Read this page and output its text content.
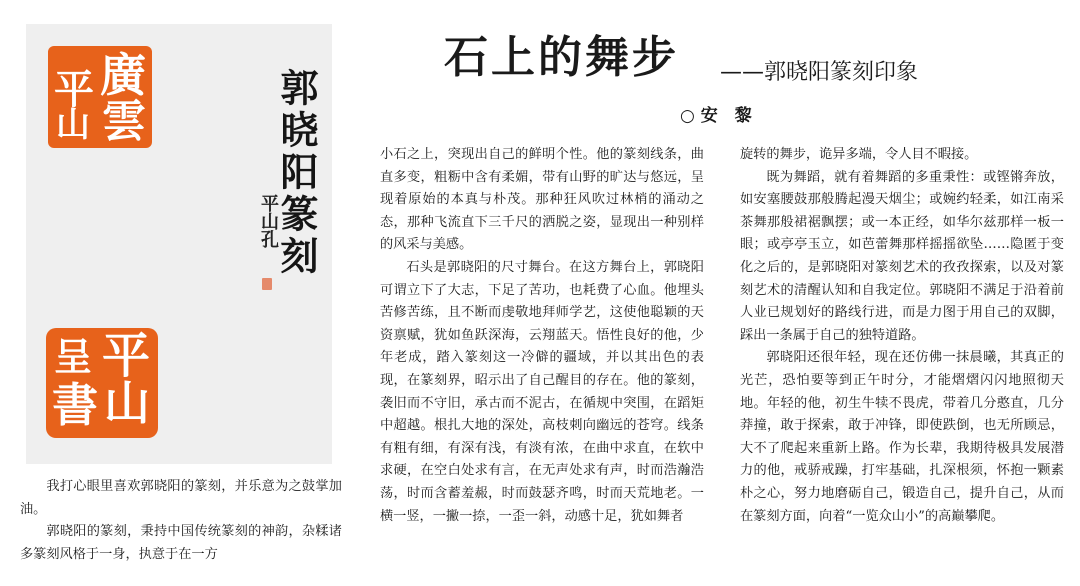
平
山
廣
雲	郭晓阳篆刻
平山孔
平
山
書
呈
石上的舞步 ——郭晓阳篆刻印象
○ 安　黎

我打心眼里喜欢郭晓阳的篆刻，并乐意为之鼓掌加油。

郭晓阳的篆刻，秉持中国传统篆刻的神韵，杂糅诸多篆刻风格于一身，执意于在一方

小石之上，突现出自己的鲜明个性。他的篆刻线条，曲直多变，粗粝中含有柔媚，带有山野的旷达与悠远，呈现着原始的本真与朴茂。那种狂风吹过林梢的涌动之态，那种飞流直下三千尺的洒脱之姿，显现出一种别样的风采与美感。

石头是郭晓阳的尺寸舞台。在这方舞台上，郭晓阳可谓立下了大志，下足了苦功，也耗费了心血。他埋头苦修苦练，且不断而虔敬地拜师学艺，这使他聪颖的天资禀赋，犹如鱼跃深海，云翔蓝天。悟性良好的他，少年老成，踏入篆刻这一冷僻的疆域，并以其出色的表现，在篆刻界，昭示出了自己醒目的存在。他的篆刻，袭旧而不守旧，承古而不泥古，在循规中突围，在蹈矩中超越。根扎大地的深处，高枝刺向幽远的苍穹。线条有粗有细，有深有浅，有淡有浓，在曲中求直，在软中求硬，在空白处求有言，在无声处求有声，时而浩瀚浩荡，时而含蓄羞赧，时而鼓瑟齐鸣，时而天荒地老。一横一竖，一撇一捺，一歪一斜，动感十足，犹如舞者

旋转的舞步，诡异多端，令人目不暇接。

既为舞蹈，就有着舞蹈的多重秉性：或铿锵奔放，如安塞腰鼓那般腾起漫天烟尘；或婉约轻柔，如江南采茶舞那般裙裾飘摆；或一本正经，如华尔兹那样一板一眼；或亭亭玉立，如芭蕾舞那样摇摇欲坠……隐匿于变化之后的，是郭晓阳对篆刻艺术的孜孜探索，以及对篆刻艺术的清醒认知和自我定位。郭晓阳不满足于沿着前人业已规划好的路线行进，而是力图于用自己的双脚，踩出一条属于自己的独特道路。

郭晓阳还很年轻，现在还仿佛一抹晨曦，其真正的光芒，恐怕要等到正午时分，才能熠熠闪闪地照彻天地。年轻的他，初生牛犊不畏虎，带着几分憨直，几分莽撞，敢于探索，敢于冲锋，即使跌倒，也无所顾忌，大不了爬起来重新上路。作为长辈，我期待极具发展潜力的他，戒骄戒躁，打牢基础，扎深根须，怀抱一颗素朴之心，努力地磨砺自己，锻造自己，提升自己，从而在篆刻方面，向着“一览众山小”的高巅攀爬。
